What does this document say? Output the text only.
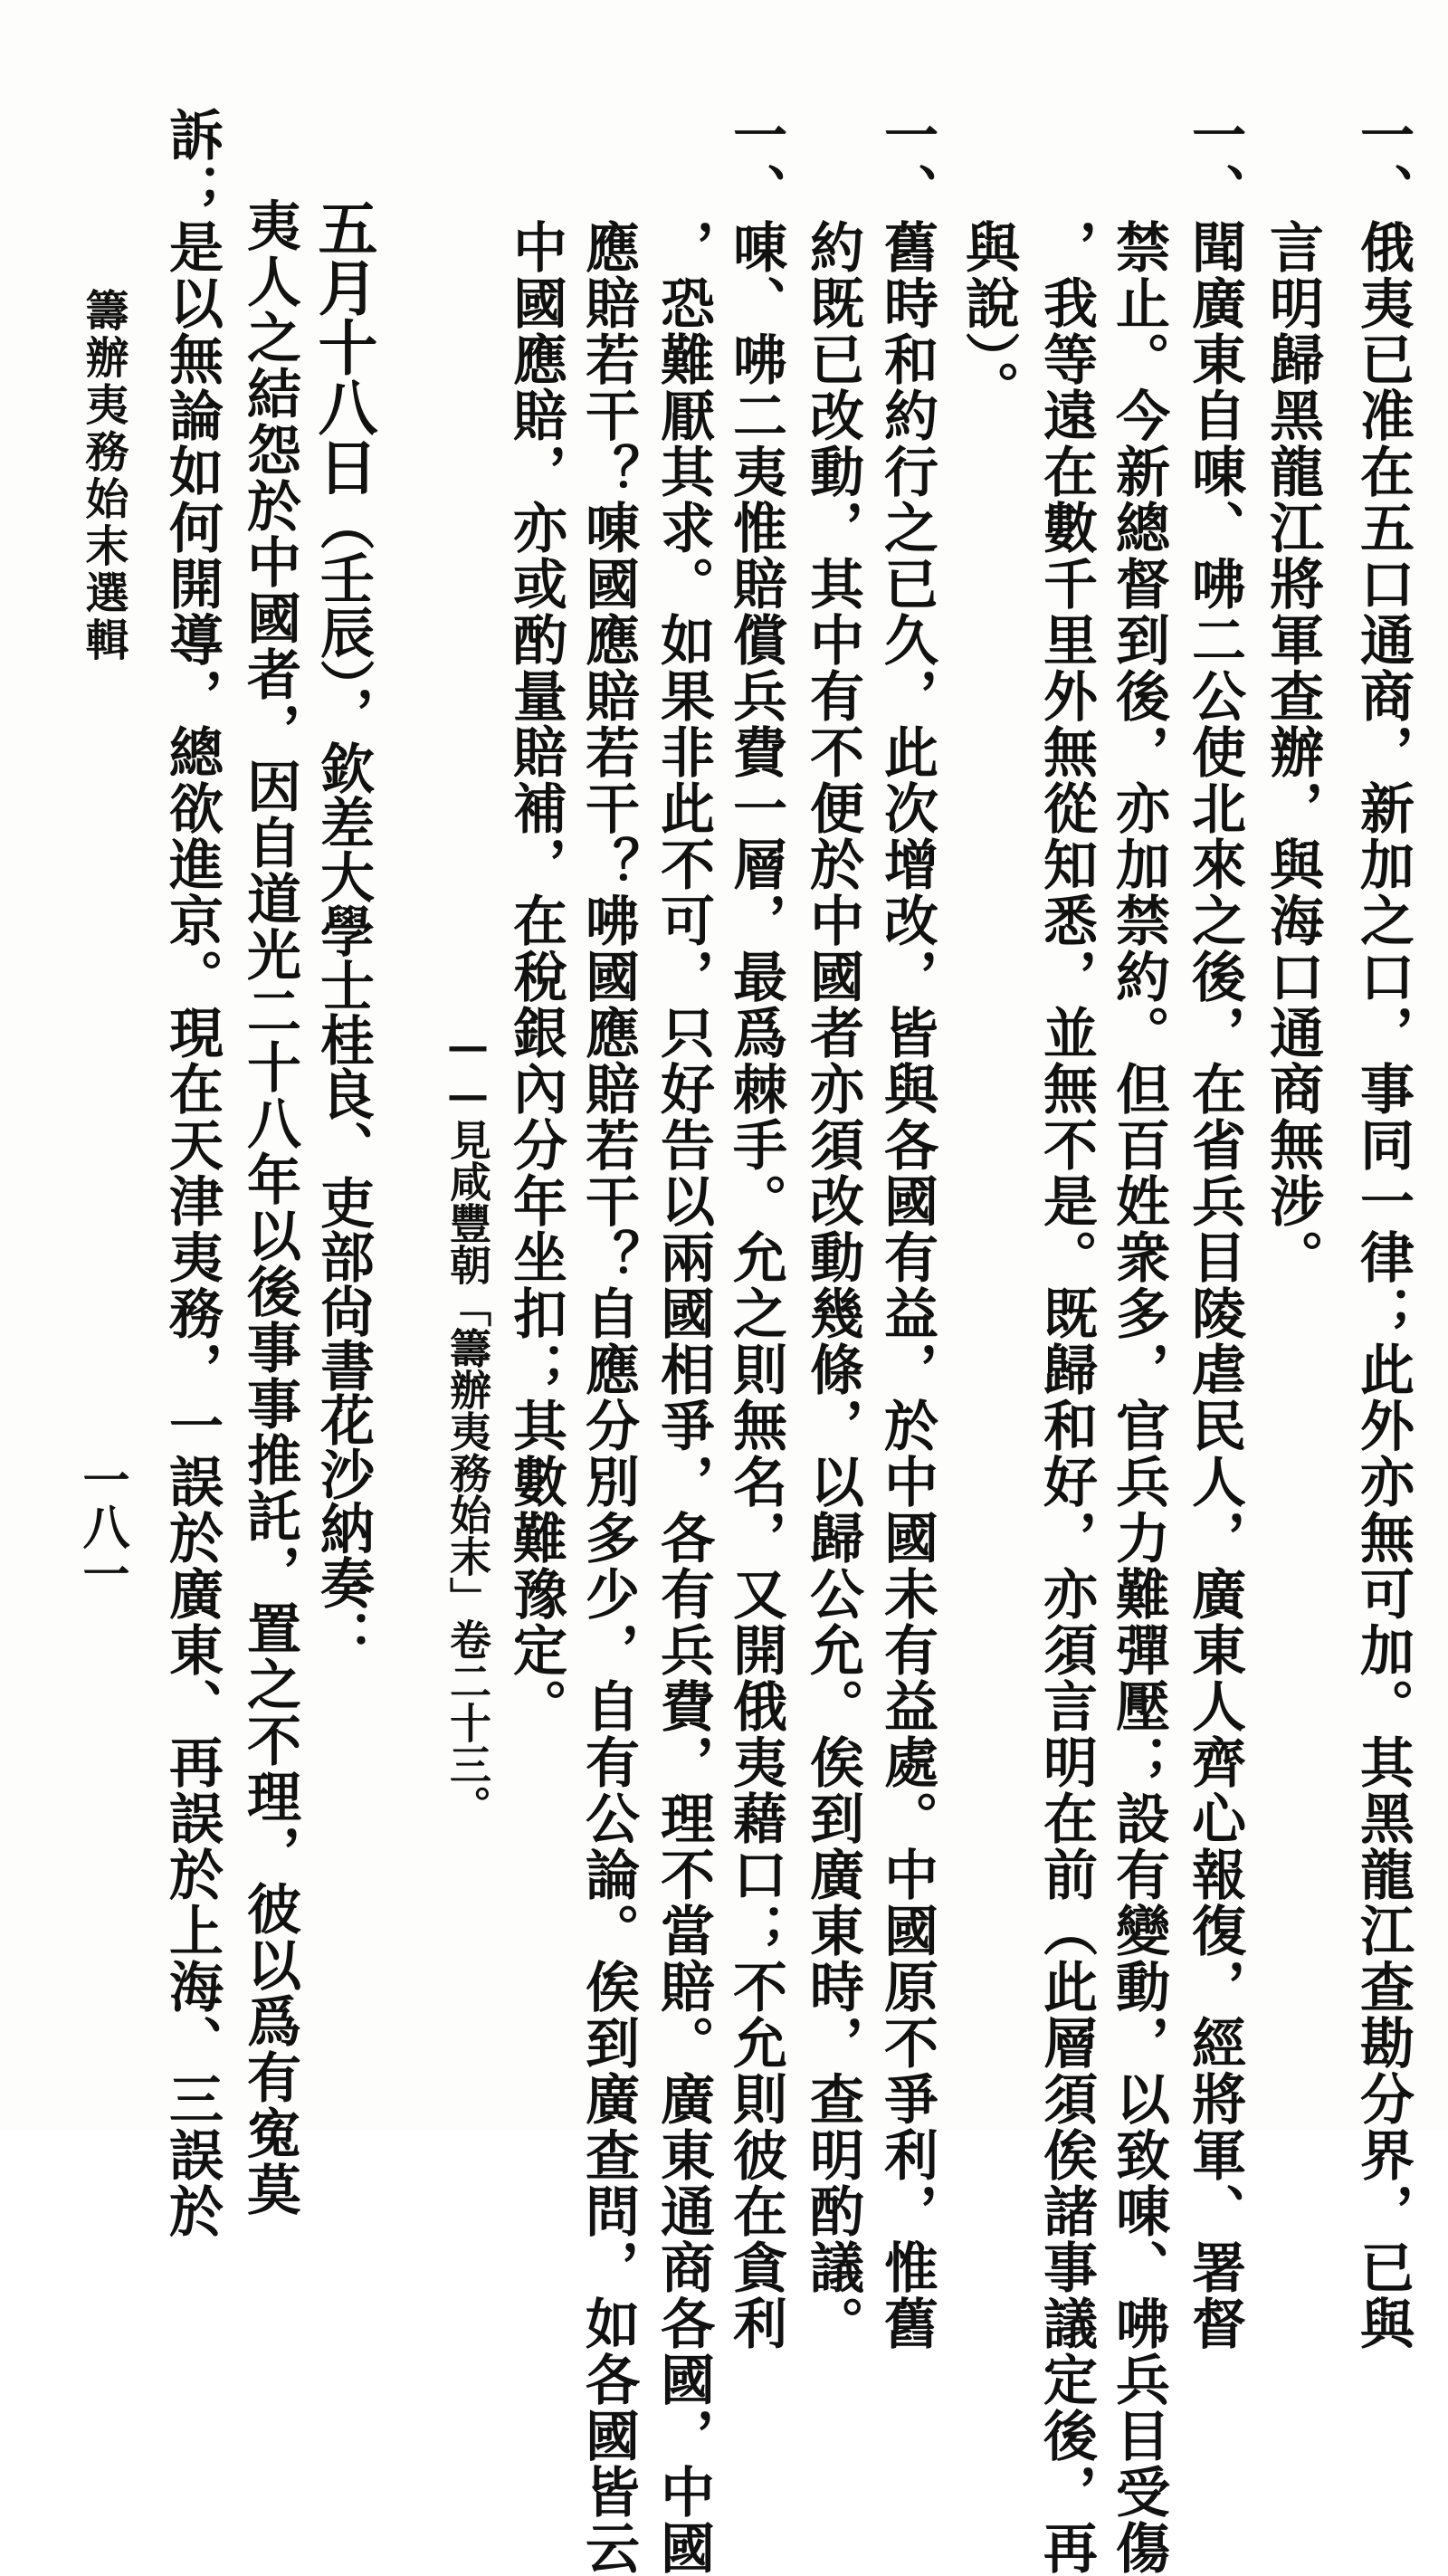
一、俄夷已准在五口通商，新加之口，事同一律；此外亦無可加。其黑龍江查勘分界，已與
　　言明歸黑龍江將軍查辦，與海口通商無涉。
一、聞廣東自㖦、咈二公使北來之後，在省兵目陵虐民人，廣東人齊心報復，經將軍、署督
　　禁止。今新總督到後，亦加禁約。但百姓衆多，官兵力難彈壓；設有變動，以致㖦、咈兵目受傷
　　，我等遠在數千里外無從知悉，並無不是。既歸和好，亦須言明在前（此層須俟諸事議定後，再
　　與說）。
一、舊時和約行之已久，此次增改，皆與各國有益，於中國未有益處。中國原不爭利，惟舊
　　約既已改動，其中有不便於中國者亦須改動幾條，以歸公允。俟到廣東時，查明酌議。
一、㖦、咈二夷惟賠償兵費一層，最爲棘手。允之則無名，又開俄夷藉口；不允則彼在貪利
　　，恐難厭其求。如果非此不可，只好告以兩國相爭，各有兵費，理不當賠。廣東通商各國，中國
　　應賠若干？㖦國應賠若干？咈國應賠若干？自應分別多少，自有公論。俟到廣查問，如各國皆云
　　中國應賠，亦或酌量賠補，在稅銀內分年坐扣；其數難豫定。
——見咸豐朝「籌辦夷務始末」卷二十三。
五月十八日（壬辰），欽差大學士桂良、吏部尙書花沙納奏：
夷人之結怨於中國者，因自道光二十八年以後事事推託，置之不理，彼以爲有寃莫
訴；是以無論如何開導，總欲進京。現在天津夷務，一誤於廣東、再誤於上海、三誤於
籌辦夷務始末選輯
一八一
